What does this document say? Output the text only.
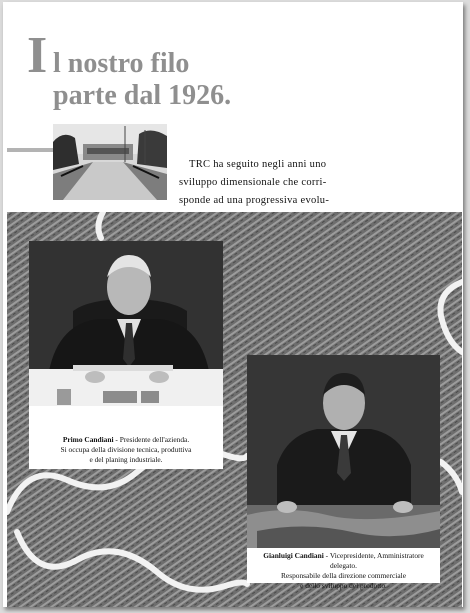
I l nostro filo
parte dal 1926.

TRC ha seguito negli anni uno

sviluppo dimensionale che corri-

sponde ad una progressiva evolu-

Primo Candiani - Presidente dell'azienda.
Si occupa della divisione tecnica, produttiva
e del planing industriale.
Gianluigi Candiani - Vicepresidente, Amministratore delegato.
Responsabile della direzione commerciale
e dello sviluppo del prodotto.
